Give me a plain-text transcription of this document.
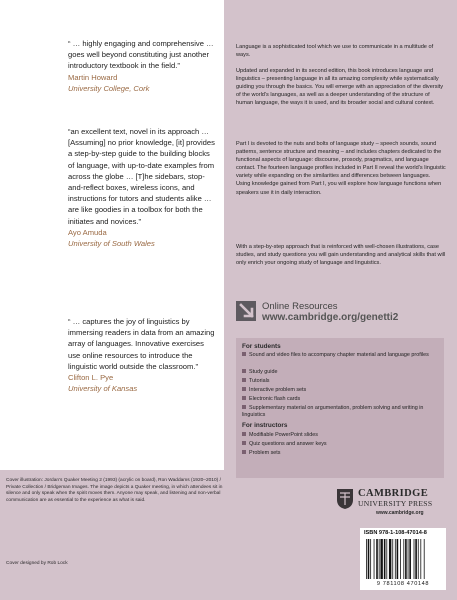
“ … highly engaging and comprehensive … goes well beyond constituting just another introductory textbook in the field.”
Martin Howard
University College, Cork
“an excellent text, novel in its approach … [Assuming] no prior knowledge, [it] provides a step-by-step guide to the building blocks of language, with up-to-date examples from across the globe … [T]he sidebars, stop-and-reflect boxes, wireless icons, and instructions for tutors and students alike … are like goodies in a toolbox for both the initiates and novices.”
Ayo Amuda
University of South Wales
“ … captures the joy of linguistics by immersing readers in data from an amazing array of languages. Innovative exercises use online resources to introduce the linguistic world outside the classroom.”
Clifton L. Pye
University of Kansas

Language is a sophisticated tool which we use to communicate in a multitude of ways.

Updated and expanded in its second edition, this book introduces language and linguistics – presenting language in all its amazing complexity while systematically guiding you through the basics. You will emerge with an appreciation of the diversity of the world’s languages, as well as a deeper understanding of the structure of human language, the ways it is used, and its broader social and cultural context.

Part I is devoted to the nuts and bolts of language study – speech sounds, sound patterns, sentence structure and meaning – and includes chapters dedicated to the functional aspects of language: discourse, prosody, pragmatics, and language contact. The fourteen language profiles included in Part II reveal the world’s linguistic variety while expanding on the similarities and differences between languages. Using knowledge gained from Part I, you will explore how language functions when speakers use it in daily interaction.

With a step-by-step approach that is reinforced with well-chosen illustrations, case studies, and study questions you will gain understanding and analytical skills that will only enrich your ongoing study of language and linguistics.

Online Resources
www.cambridge.org/genetti2
For students
Sound and video files to accompany chapter material and language profiles
Study guide
Tutorials
Interactive problem sets
Electronic flash cards
Supplementary material on argumentation, problem solving and writing in linguistics
For instructors
Modifiable PowerPoint slides
Quiz questions and answer keys
Problem sets
Cover illustration: Jordan’s Quaker Meeting 2 (1993) (acrylic on board), Ron Waddams (1920–2010) / Private Collection / Bridgeman Images. The image depicts a Quaker meeting, in which attendees sit in silence and only speak when the spirit moves them. Anyone may speak, and listening and non-verbal communication are as essential to the experience as what is said.
Cover designed by Rob Lock
CAMBRIDGE
UNIVERSITY PRESS
www.cambridge.org
ISBN 978-1-108-47014-8
9 781108 470148
